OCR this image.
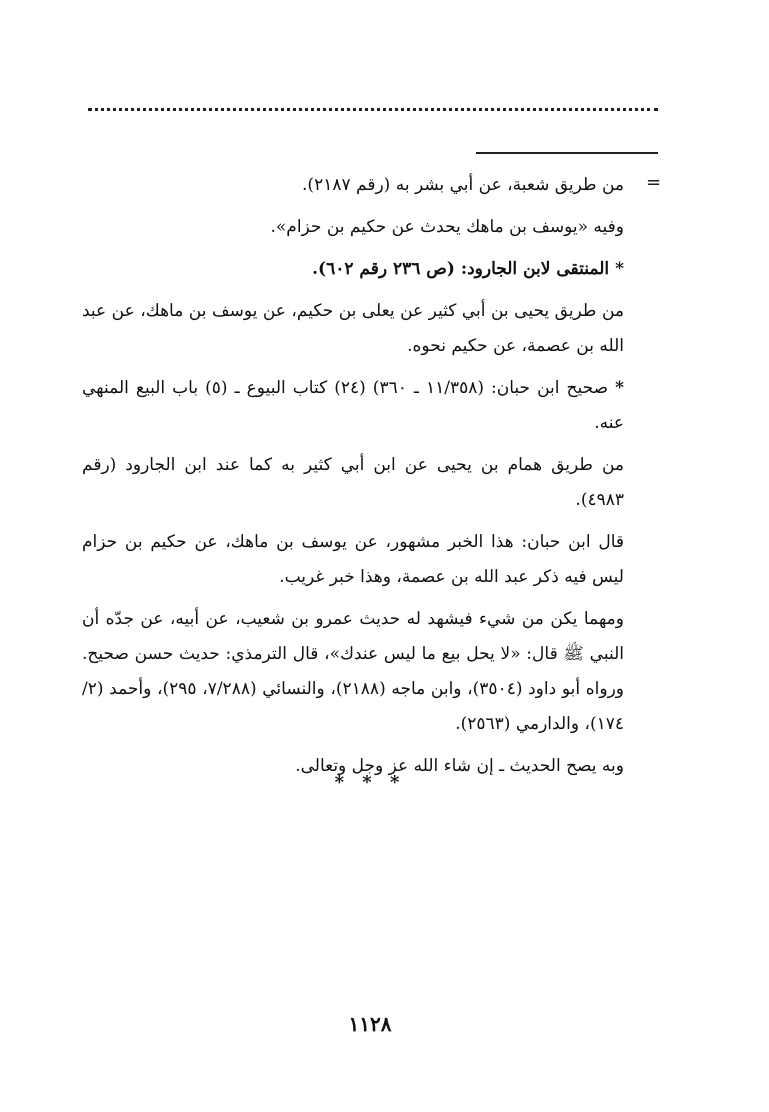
=

من طريق شعبة، عن أبي بشر به (رقم ٢١٨٧).

وفيه «يوسف بن ماهك يحدث عن حكيم بن حزام».

*المنتقى لابن الجارود: (ص ٢٣٦ رقم ٦٠٢).

من طريق يحيى بن أبي كثير عن يعلى بن حكيم، عن يوسف بن ماهك، عن عبد الله بن عصمة، عن حكيم نحوه.

* صحيح ابن حبان: (١١/٣٥٨ ـ ٣٦٠) (٢٤) كتاب البيوع ـ (٥) باب البيع المنهي عنه.

من طريق همام بن يحيى عن ابن أبي كثير به كما عند ابن الجارود (رقم ٤٩٨٣).

قال ابن حبان: هذا الخبر مشهور، عن يوسف بن ماهك، عن حكيم بن حزام ليس فيه ذكر عبد الله بن عصمة، وهذا خبر غريب.

ومهما يكن من شيء فيشهد له حديث عمرو بن شعيب، عن أبيه، عن جدّه أن النبي ﷺ قال: «لا يحل بيع ما ليس عندك»، قال الترمذي: حديث حسن صحيح. ورواه أبو داود (٣٥٠٤)، وابن ماجه (٢١٨٨)، والنسائي (٧/٢٨٨، ٢٩٥)، وأحمد (٢/ ١٧٤)، والدارمي (٢٥٦٣).

وبه يصح الحديث ـ إن شاء الله عز وجل وتعالى.

* * *
١١٢٨
